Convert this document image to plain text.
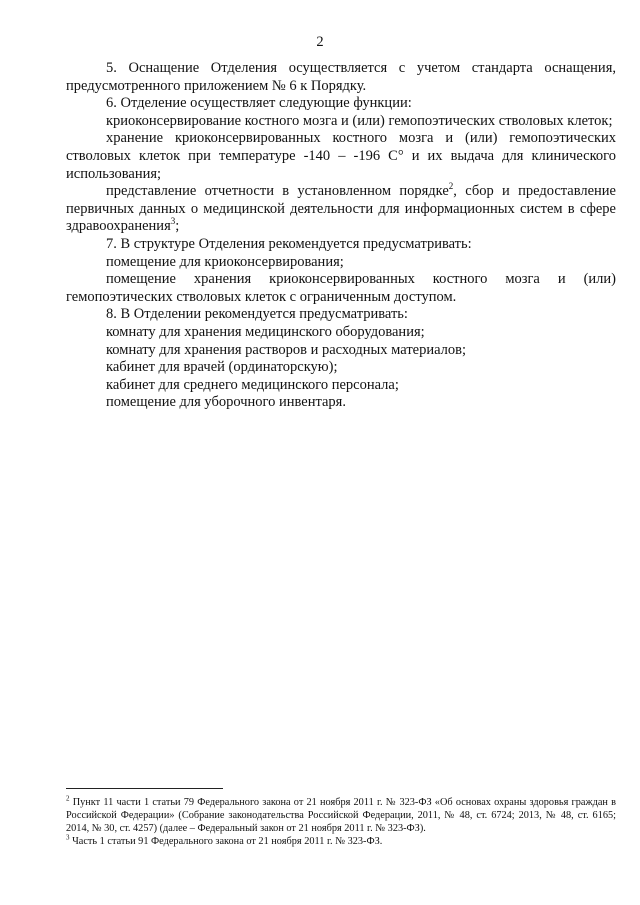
2

5. Оснащение Отделения осуществляется с учетом стандарта оснащения, предусмотренного приложением № 6 к Порядку.

6. Отделение осуществляет следующие функции:

криоконсервирование костного мозга и (или) гемопоэтических стволовых клеток;

хранение криоконсервированных костного мозга и (или) гемопоэтических стволовых клеток при температуре -140 – -196 С° и их выдача для клинического использования;

представление отчетности в установленном порядке$^2$, сбор и предоставление первичных данных о медицинской деятельности для информационных систем в сфере здравоохранения$^3$;

7. В структуре Отделения рекомендуется предусматривать:

помещение для криоконсервирования;

помещение хранения криоконсервированных костного мозга и (или) гемопоэтических стволовых клеток с ограниченным доступом.

8. В Отделении рекомендуется предусматривать:

комнату для хранения медицинского оборудования;

комнату для хранения растворов и расходных материалов;

кабинет для врачей (ординаторскую);

кабинет для среднего медицинского персонала;

помещение для уборочного инвентаря.

$^2$ Пункт 11 части 1 статьи 79 Федерального закона от 21 ноября 2011 г. № 323-ФЗ «Об основах охраны здоровья граждан в Российской Федерации» (Собрание законодательства Российской Федерации, 2011, № 48, ст. 6724; 2013, № 48, ст. 6165; 2014, № 30, ст. 4257) (далее – Федеральный закон от 21 ноября 2011 г. № 323-ФЗ).

$^3$ Часть 1 статьи 91 Федерального закона от 21 ноября 2011 г. № 323-ФЗ.
